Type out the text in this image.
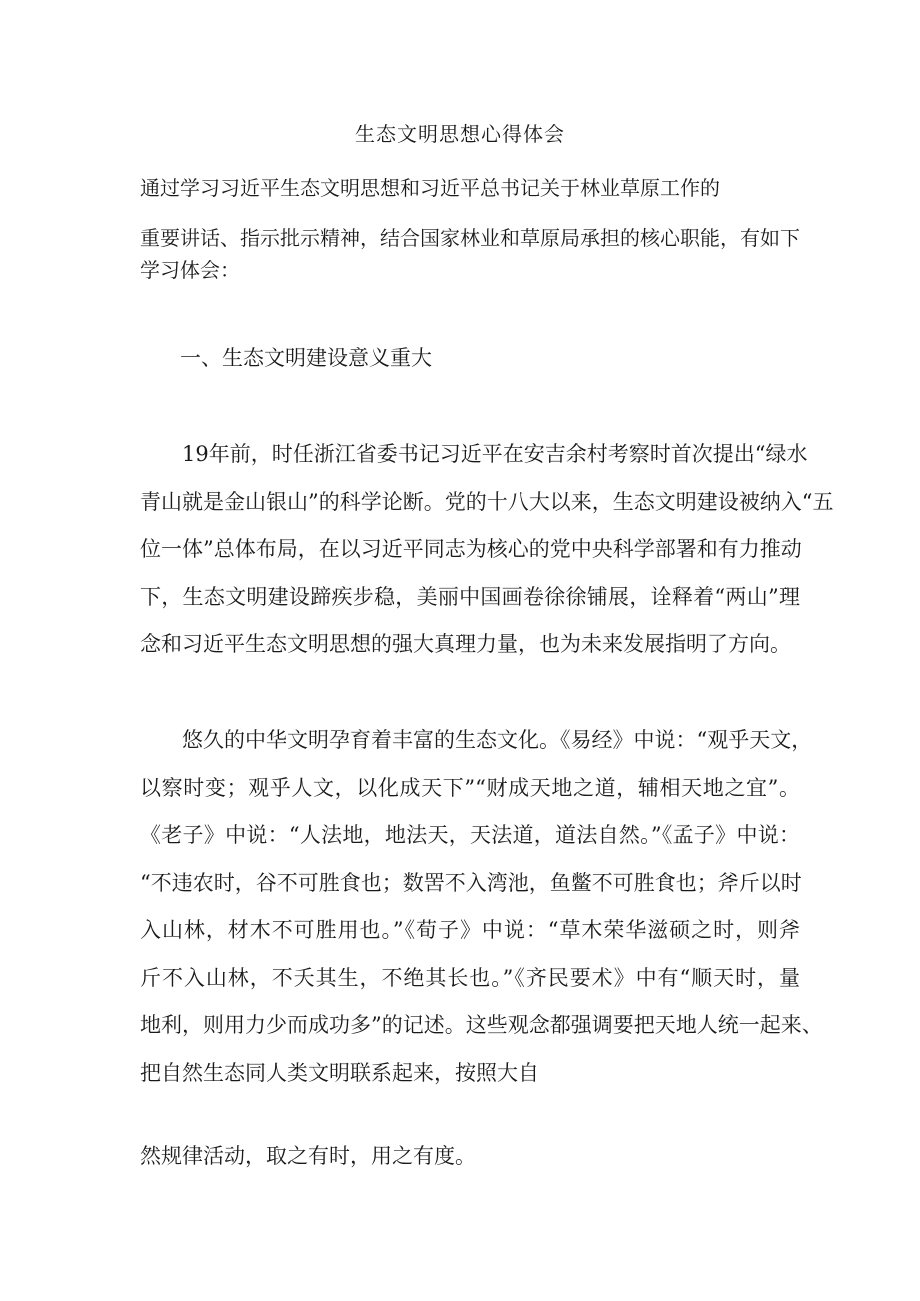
生态文明思想心得体会
通过学习习近平生态文明思想和习近平总书记关于林业草原工作的
重要讲话、指示批示精神，结合国家林业和草原局承担的核心职能，有如下
学习体会：
一、生态文明建设意义重大
19年前，时任浙江省委书记习近平在安吉余村考察时首次提出“绿水
青山就是金山银山”的科学论断。党的十八大以来，生态文明建设被纳入“五
位一体”总体布局，在以习近平同志为核心的党中央科学部署和有力推动
下，生态文明建设蹄疾步稳，美丽中国画卷徐徐铺展，诠释着“两山”理
念和习近平生态文明思想的强大真理力量，也为未来发展指明了方向。
悠久的中华文明孕育着丰富的生态文化。《易经》中说：“观乎天文，
以察时变；观乎人文，以化成天下”“财成天地之道，辅相天地之宜”。
《老子》中说：“人法地，地法天，天法道，道法自然。”《孟子》中说：
“不违农时，谷不可胜食也；数罟不入湾池，鱼鳖不可胜食也；斧斤以时
入山林，材木不可胜用也。”《荀子》中说：“草木荣华滋硕之时，则斧
斤不入山林，不夭其生，不绝其长也。”《齐民要术》中有“顺天时，量
地利，则用力少而成功多”的记述。这些观念都强调要把天地人统一起来、
把自然生态同人类文明联系起来，按照大自
然规律活动，取之有时，用之有度。
